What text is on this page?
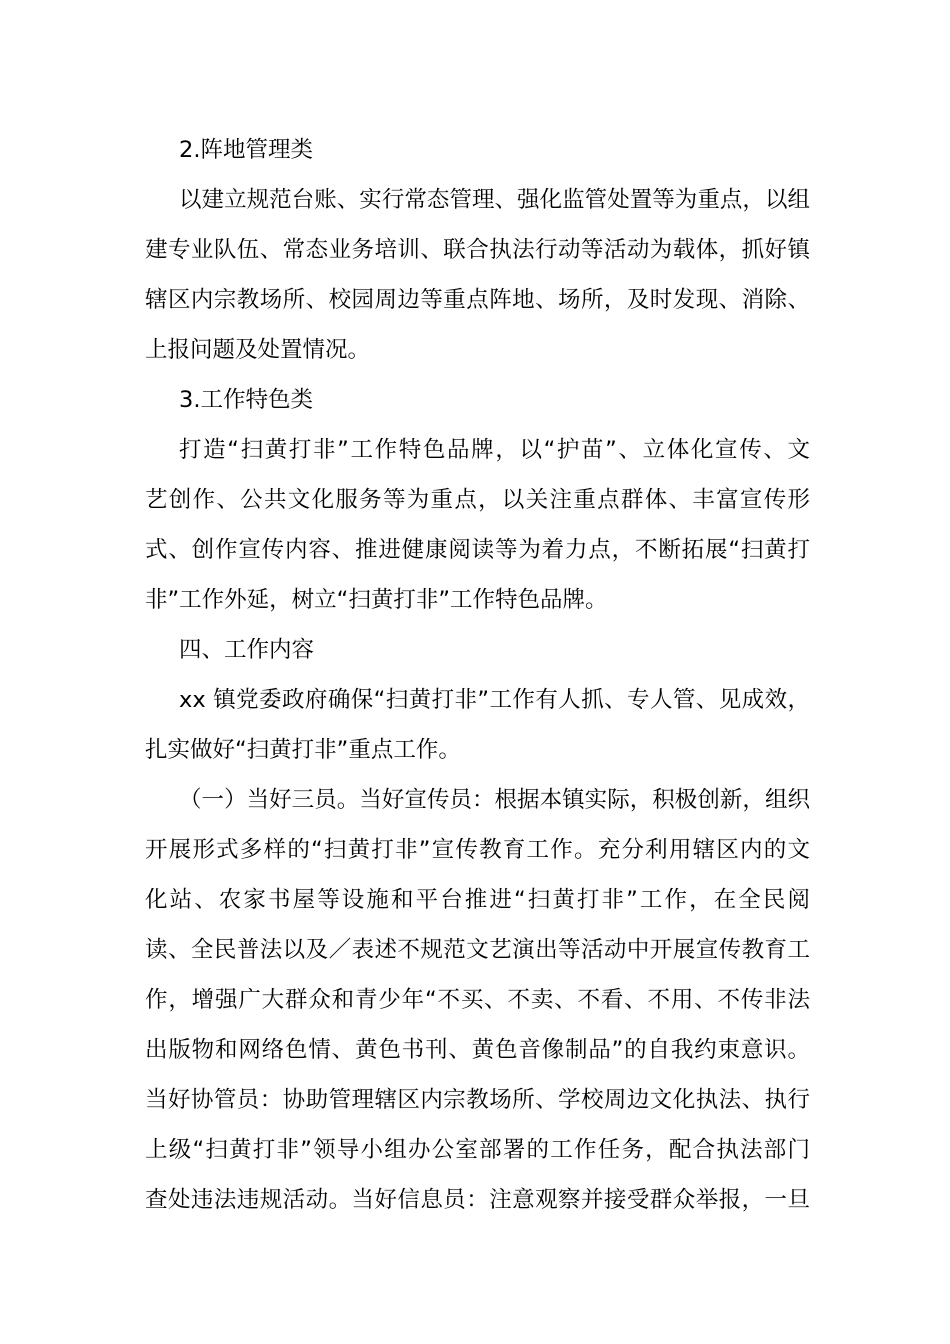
2.阵地管理类
以建立规范台账、实行常态管理、强化监管处置等为重点，以组
建专业队伍、常态业务培训、联合执法行动等活动为载体，抓好镇
辖区内宗教场所、校园周边等重点阵地、场所，及时发现、消除、
上报问题及处置情况。
3.工作特色类
打造“扫黄打非”工作特色品牌，以“护苗”、立体化宣传、文
艺创作、公共文化服务等为重点，以关注重点群体、丰富宣传形
式、创作宣传内容、推进健康阅读等为着力点，不断拓展“扫黄打
非”工作外延，树立“扫黄打非”工作特色品牌。
四、工作内容
xx 镇党委政府确保“扫黄打非”工作有人抓、专人管、见成效，
扎实做好“扫黄打非”重点工作。
（一）当好三员。当好宣传员：根据本镇实际，积极创新，组织
开展形式多样的“扫黄打非”宣传教育工作。充分利用辖区内的文
化站、农家书屋等设施和平台推进“扫黄打非”工作，在全民阅
读、全民普法以及／表述不规范文艺演出等活动中开展宣传教育工
作，增强广大群众和青少年“不买、不卖、不看、不用、不传非法
出版物和网络色情、黄色书刊、黄色音像制品”的自我约束意识。
当好协管员：协助管理辖区内宗教场所、学校周边文化执法、执行
上级“扫黄打非”领导小组办公室部署的工作任务，配合执法部门
查处违法违规活动。当好信息员：注意观察并接受群众举报，一旦
